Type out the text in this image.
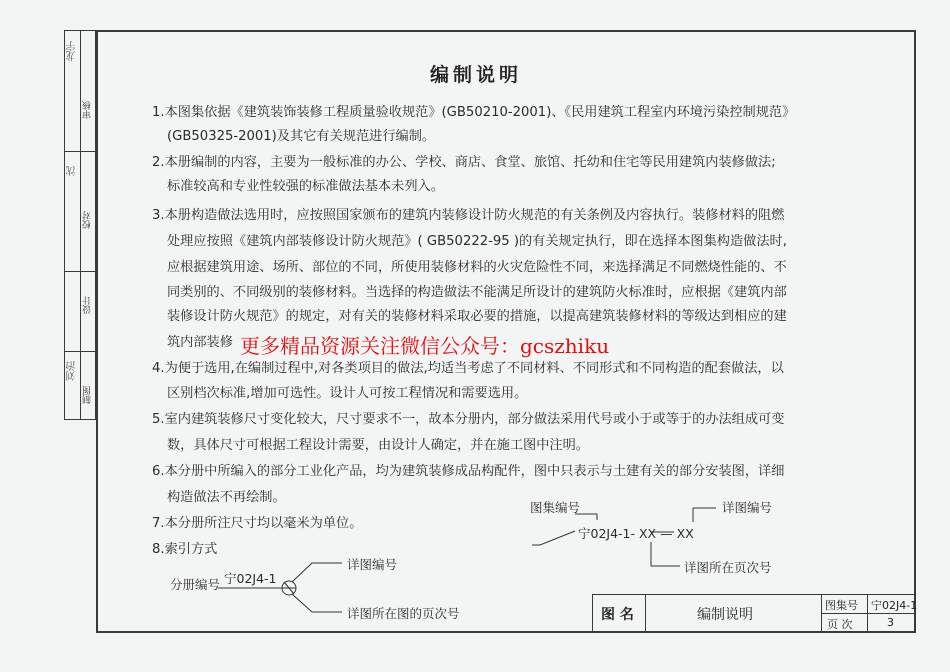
审核
校对
设计
制图
龙宇
沈
刘治
编制说明
1.本图集依据《建筑装饰装修工程质量验收规范》(GB50210-2001)、《民用建筑工程室内环境污染控制规范》
(GB50325-2001)及其它有关规范进行编制。
2.本册编制的内容，主要为一般标准的办公、学校、商店、食堂、旅馆、托幼和住宅等民用建筑内装修做法;
标准较高和专业性较强的标准做法基本未列入。
3.本册构造做法选用时，应按照国家颁布的建筑内装修设计防火规范的有关条例及内容执行。装修材料的阻燃
处理应按照《建筑内部装修设计防火规范》( GB50222-95 )的有关规定执行，即在选择本图集构造做法时,
应根据建筑用途、场所、部位的不同，所使用装修材料的火灾危险性不同，来选择满足不同燃烧性能的、不
同类别的、不同级别的装修材料。当选择的构造做法不能满足所设计的建筑防火标准时，应根据《建筑内部
装修设计防火规范》的规定，对有关的装修材料采取必要的措施，以提高建筑装修材料的等级达到相应的建
筑内部装修
4.为便于选用,在编制过程中,对各类项目的做法,均适当考虑了不同材料、不同形式和不同构造的配套做法，以
区别档次标准,增加可选性。设计人可按工程情况和需要选用。
5.室内建筑装修尺寸变化较大，尺寸要求不一，故本分册内，部分做法采用代号或小于或等于的办法组成可变
数，具体尺寸可根据工程设计需要，由设计人确定，并在施工图中注明。
6.本分册中所编入的部分工业化产品，均为建筑装修成品构配件，图中只表示与土建有关的部分安装图，详细
构造做法不再绘制。
7.本分册所注尺寸均以毫米为单位。
8.索引方式
更多精品资源关注微信公众号：gcszhiku
分册编号 宁02J4-1
详图编号
详图所在图的页次号
图集编号
宁02J4-1- XX — XX
详图编号
详图所在页次号
图 名	编制说明
图集号 宁02J4-1
页 次	3
